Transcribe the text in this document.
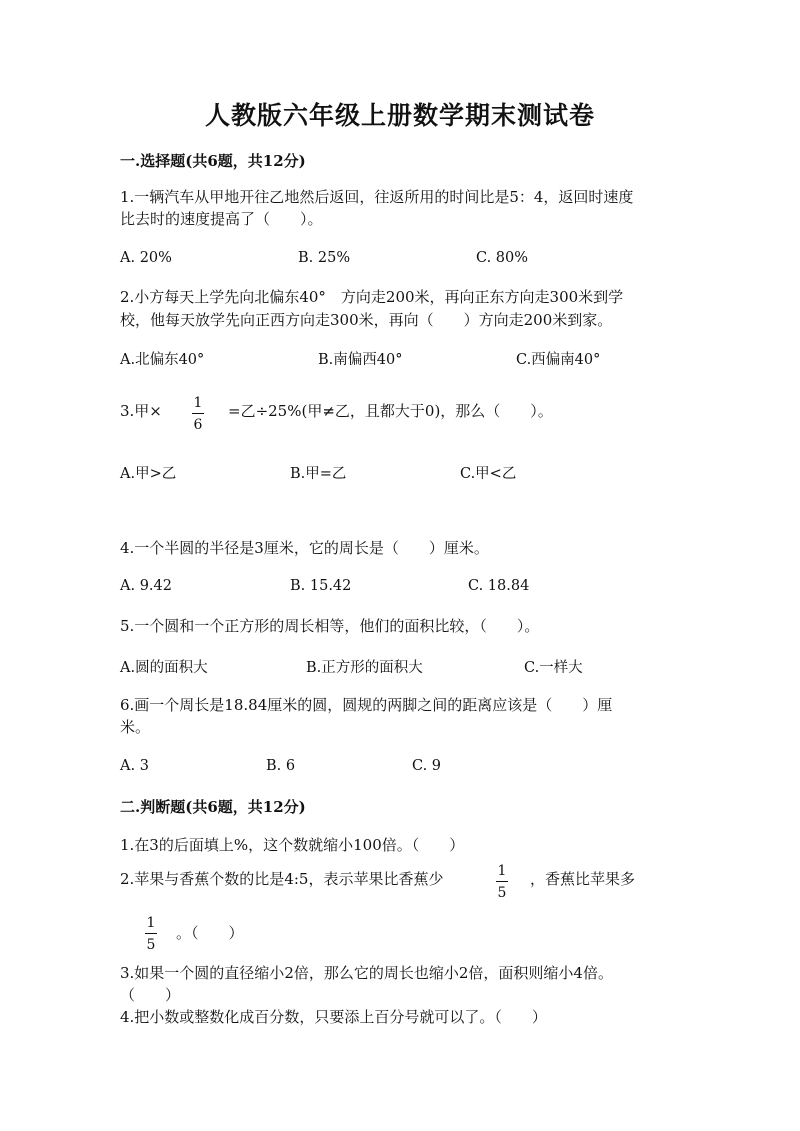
人教版六年级上册数学期末测试卷
一.选择题(共6题，共12分)
1.一辆汽车从甲地开往乙地然后返回，往返所用的时间比是5：4，返回时速度
比去时的速度提高了（　　）。
A. 20%	B. 25%	C. 80%
2.小方每天上学先向北偏东40°　方向走200米，再向正东方向走300米到学
校，他每天放学先向正西方向走300米，再向（　　）方向走200米到家。
A.北偏东40°	B.南偏西40°	C.西偏南40°
3.甲× 1
6
=乙÷25%(甲≠乙，且都大于0)，那么（　　）。
A.甲>乙	B.甲=乙	C.甲<乙
4.一个半圆的半径是3厘米，它的周长是（　　）厘米。
A. 9.42	B. 15.42	C. 18.84
5.一个圆和一个正方形的周长相等，他们的面积比较，（　　）。
A.圆的面积大	B.正方形的面积大	C.一样大
6.画一个周长是18.84厘米的圆，圆规的两脚之间的距离应该是（　　）厘
米。
A. 3	B. 6	C. 9
二.判断题(共6题，共12分)
1.在3的后面填上%，这个数就缩小100倍。（　　）
2.苹果与香蕉个数的比是4:5，表示苹果比香蕉少	1
5
，香蕉比苹果多
1
5
。（　　）
3.如果一个圆的直径缩小2倍，那么它的周长也缩小2倍，面积则缩小4倍。
（　　）
4.把小数或整数化成百分数，只要添上百分号就可以了。（　　）
